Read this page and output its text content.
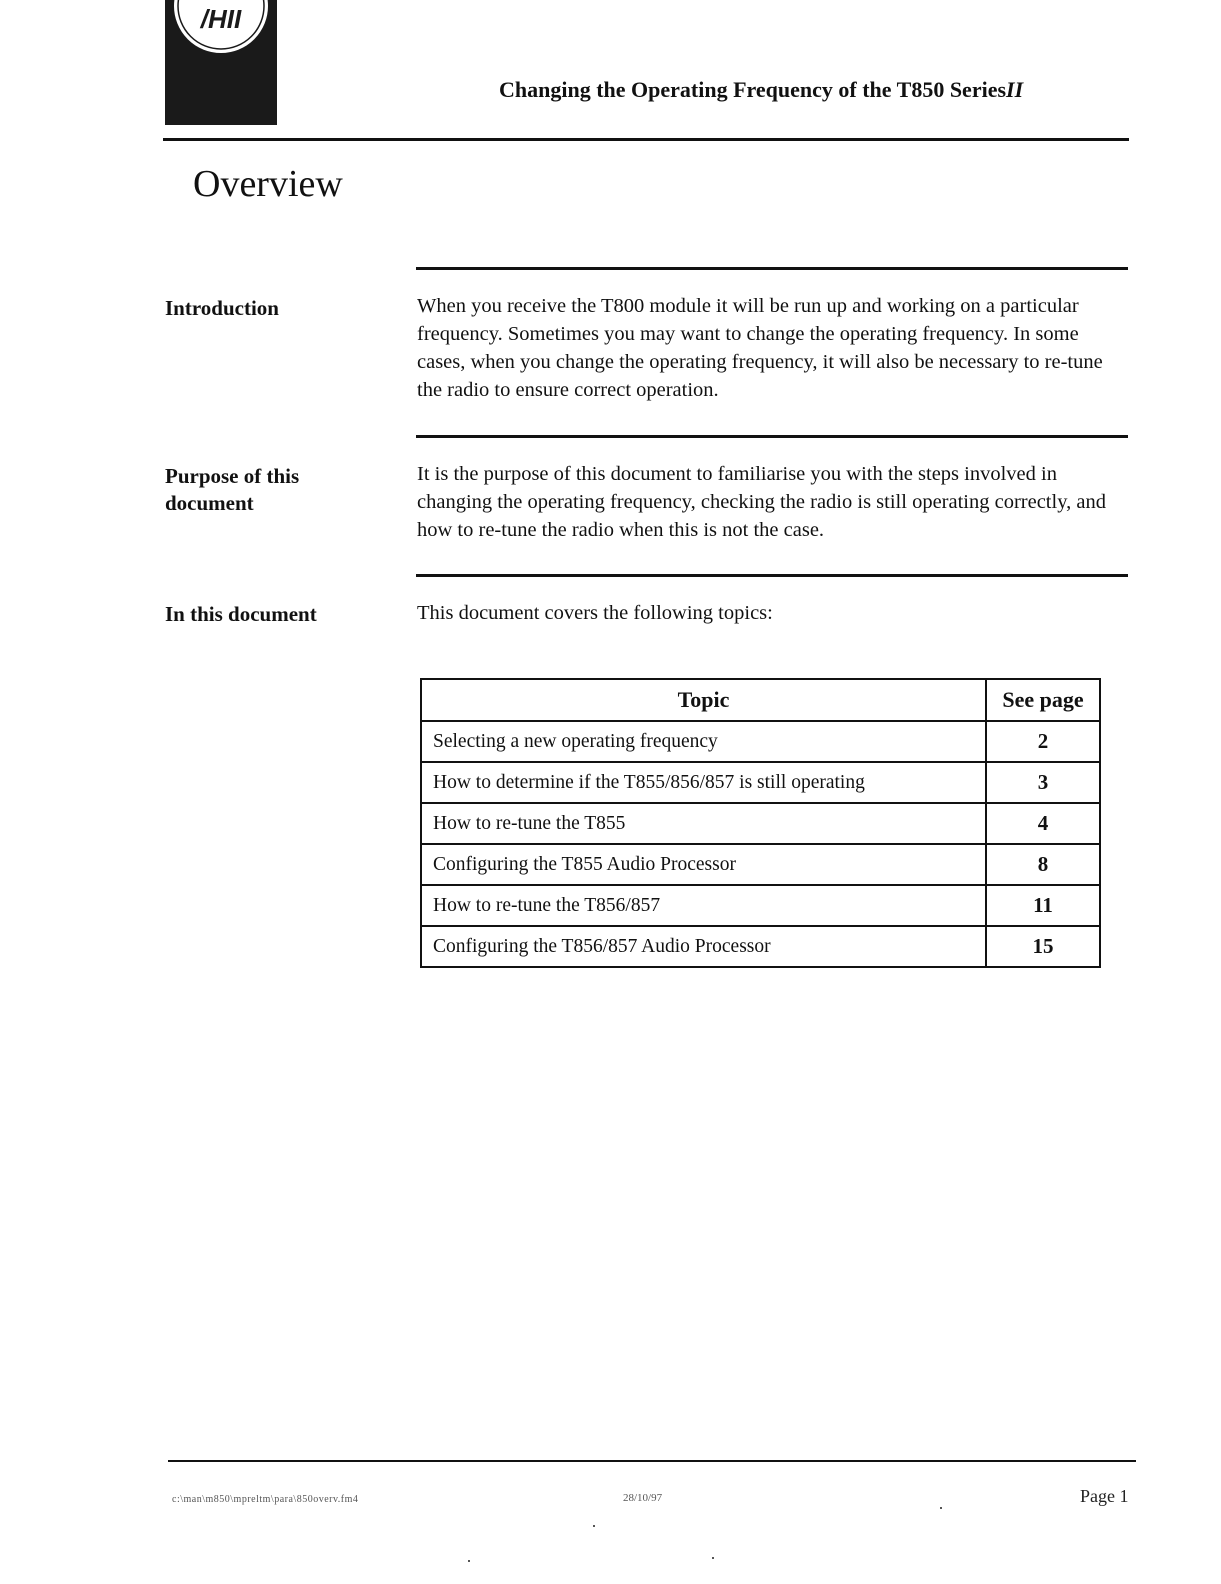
/HII
Changing the Operating Frequency of the T850 SeriesII
Overview
Introduction	When you receive the T800 module it will be run up and working on a particular frequency. Sometimes you may want to change the operating frequency. In some cases, when you change the operating frequency, it will also be necessary to re-tune the radio to ensure correct operation.

Purpose of this
document

It is the purpose of this document to familiarise you with the steps involved in changing the operating frequency, checking the radio is still operating correctly, and how to re-tune the radio when this is not the case.

In this document	This document covers the following topics:

Topic	See page
Selecting a new operating frequency	2
How to determine if the T855/856/857 is still operating	3
How to re-tune the T855	4
Configuring the T855 Audio Processor	8
How to re-tune the T856/857	11
Configuring the T856/857 Audio Processor	15
c:\man\m850\mpreltm\para\850overv.fm4	28/10/97	Page 1
